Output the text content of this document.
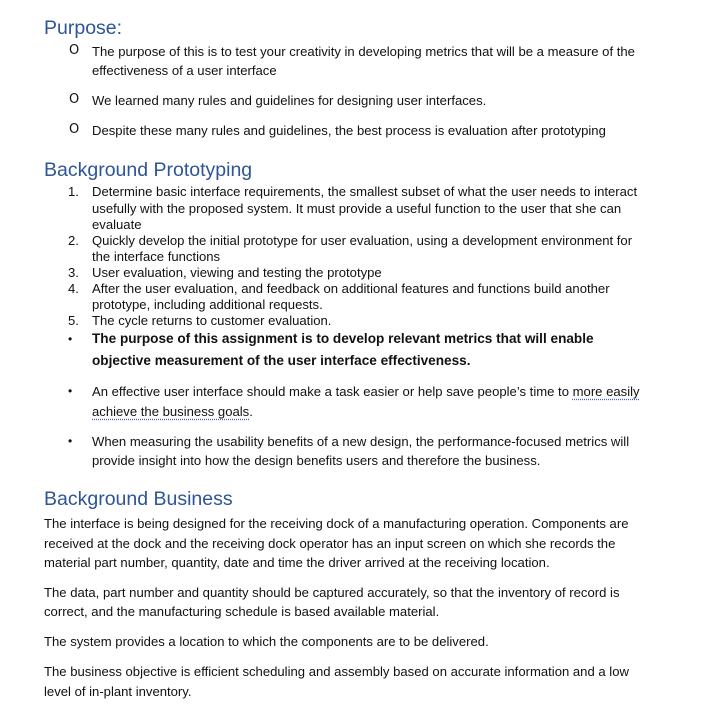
Purpose:
O The purpose of this is to test your creativity in developing metrics that will be a measure of the
effectiveness of a user interface
O We learned many rules and guidelines for designing user interfaces.
O Despite these many rules and guidelines, the best process is evaluation after prototyping
Background Prototyping
1. Determine basic interface requirements, the smallest subset of what the user needs to interact
usefully with the proposed system. It must provide a useful function to the user that she can
evaluate
2. Quickly develop the initial prototype for user evaluation, using a development environment for
the interface functions
3. User evaluation, viewing and testing the prototype
4. After the user evaluation, and feedback on additional features and functions build another
prototype, including additional requests.
5. The cycle returns to customer evaluation.
• The purpose of this assignment is to develop relevant metrics that will enable
objective measurement of the user interface effectiveness.
• An effective user interface should make a task easier or help save people’s time to more easily
achieve the business goals.
• When measuring the usability benefits of a new design, the performance-focused metrics will
provide insight into how the design benefits users and therefore the business.
Background Business
The interface is being designed for the receiving dock of a manufacturing operation. Components are
received at the dock and the receiving dock operator has an input screen on which she records the
material part number, quantity, date and time the driver arrived at the receiving location.
The data, part number and quantity should be captured accurately, so that the inventory of record is
correct, and the manufacturing schedule is based available material.
The system provides a location to which the components are to be delivered.
The business objective is efficient scheduling and assembly based on accurate information and a low
level of in-plant inventory.
